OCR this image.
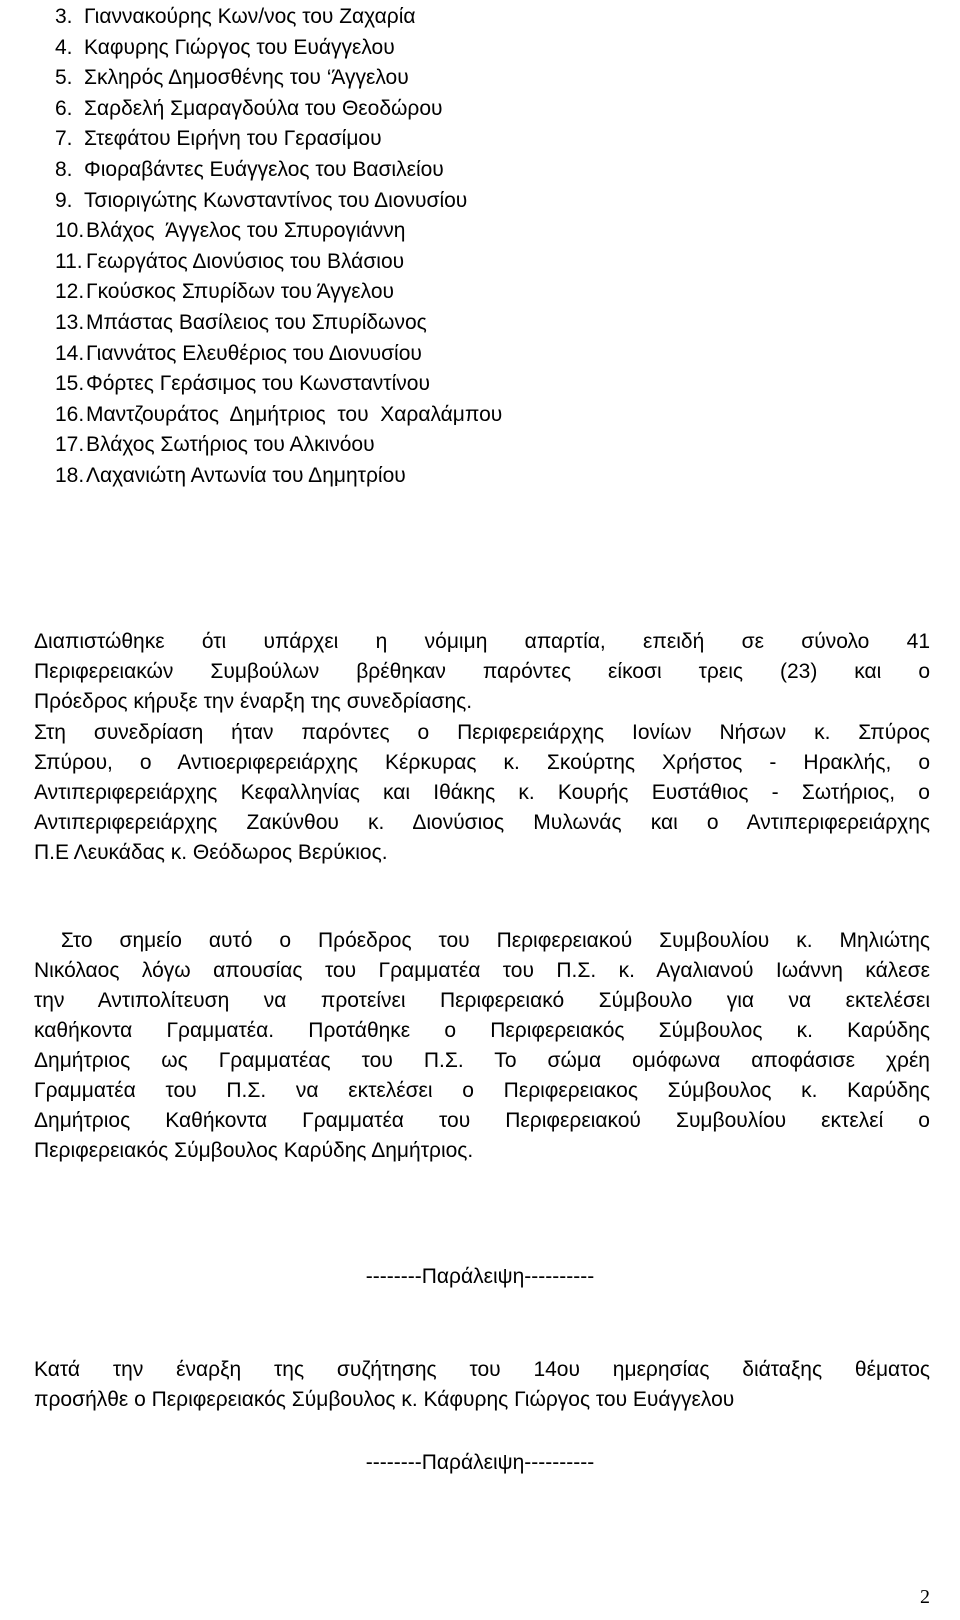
3. Γιαννακούρης Κων/νος του Ζαχαρία
4. Καφυρης Γιώργος του Ευάγγελου
5. Σκληρός Δημοσθένης του ‘Άγγελου
6. Σαρδελή Σμαραγδούλα του Θεοδώρου
7. Στεφάτου Ειρήνη του Γερασίμου
8. Φιοραβάντες Ευάγγελος του Βασιλείου
9. Τσιοριγώτης Κωνσταντίνος του Διονυσίου
10. Βλάχος  Άγγελος του Σπυρογιάννη
11. Γεωργάτος Διονύσιος του Βλάσιου
12. Γκούσκος Σπυρίδων του Άγγελου
13. Μπάστας Βασίλειος του Σπυρίδωνος
14. Γιαννάτος Ελευθέριος του Διονυσίου
15. Φόρτες Γεράσιμος του Κωνσταντίνου
16. Μαντζουράτος  Δημήτριος  του  Χαραλάμπου
17. Βλάχος Σωτήριος του Αλκινόου
18. Λαχανιώτη Αντωνία του Δημητρίου

Διαπιστώθηκε ότι υπάρχει η νόμιμη απαρτία, επειδή σε σύνολο 41
Περιφερειακών Συμβούλων βρέθηκαν παρόντες είκοσι τρεις (23) και ο
Πρόεδρος κήρυξε την έναρξη της συνεδρίασης.

Στη συνεδρίαση ήταν παρόντες ο Περιφερειάρχης Ιονίων Νήσων κ. Σπύρος
Σπύρου, ο Αντιοεριφερειάρχης Κέρκυρας κ. Σκούρτης Χρήστος - Ηρακλής, ο
Αντιπεριφερειάρχης Κεφαλληνίας και Ιθάκης κ. Κουρής Ευστάθιος - Σωτήριος, ο
Αντιπεριφερειάρχης Ζακύνθου κ. Διονύσιος Μυλωνάς και ο Αντιπεριφερειάρχης
Π.Ε Λευκάδας κ. Θεόδωρος Βερύκιος.

Στο σημείο αυτό ο Πρόεδρος του Περιφερειακού Συμβουλίου κ. Μηλιώτης
Νικόλαος λόγω απουσίας του Γραμματέα του Π.Σ. κ. Αγαλιανού Ιωάννη κάλεσε
την Αντιπολίτευση να προτείνει Περιφερειακό Σύμβουλο για να εκτελέσει
καθήκοντα Γραμματέα. Προτάθηκε ο Περιφερειακός Σύμβουλος κ. Καρύδης
Δημήτριος ως Γραμματέας του Π.Σ. Το σώμα ομόφωνα αποφάσισε χρέη
Γραμματέα του Π.Σ. να εκτελέσει ο Περιφερειακος Σύμβουλος κ. Καρύδης
Δημήτριος Καθήκοντα Γραμματέα του Περιφερειακού Συμβουλίου εκτελεί ο
Περιφερειακός Σύμβουλος Καρύδης Δημήτριος.

--------Παράλειψη----------

Κατά την έναρξη της συζήτησης του 14ου ημερησίας διάταξης θέματος
προσήλθε ο Περιφερειακός Σύμβουλος κ. Κάφυρης Γιώργος του Ευάγγελου

--------Παράλειψη----------
2
